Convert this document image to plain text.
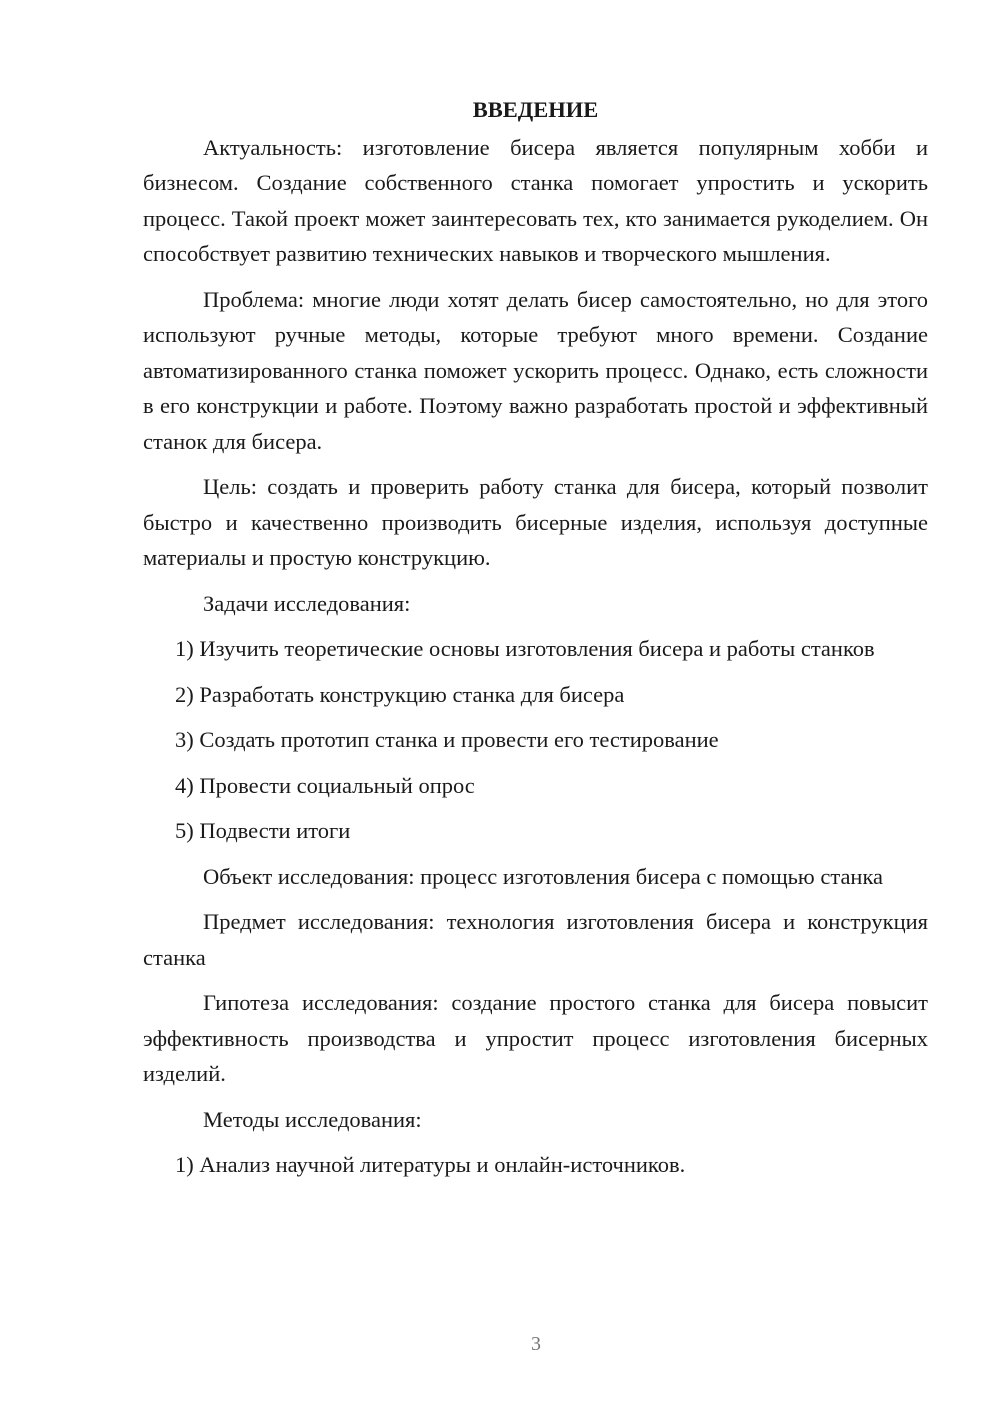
ВВЕДЕНИЕ

Актуальность: изготовление бисера является популярным хобби и бизнесом. Создание собственного станка помогает упростить и ускорить процесс. Такой проект может заинтересовать тех, кто занимается рукоделием. Он способствует развитию технических навыков и творческого мышления.

Проблема: многие люди хотят делать бисер самостоятельно, но для этого используют ручные методы, которые требуют много времени. Создание автоматизированного станка поможет ускорить процесс. Однако, есть сложности в его конструкции и работе. Поэтому важно разработать простой и эффективный станок для бисера.

Цель: создать и проверить работу станка для бисера, который позволит быстро и качественно производить бисерные изделия, используя доступные материалы и простую конструкцию.

Задачи исследования:

1) Изучить теоретические основы изготовления бисера и работы станков

2) Разработать конструкцию станка для бисера

3) Создать прототип станка и провести его тестирование

4) Провести социальный опрос

5) Подвести итоги

Объект исследования: процесс изготовления бисера с помощью станка

Предмет исследования: технология изготовления бисера и конструкция станка

Гипотеза исследования: создание простого станка для бисера повысит эффективность производства и упростит процесс изготовления бисерных изделий.

Методы исследования:

1) Анализ научной литературы и онлайн-источников.

3
